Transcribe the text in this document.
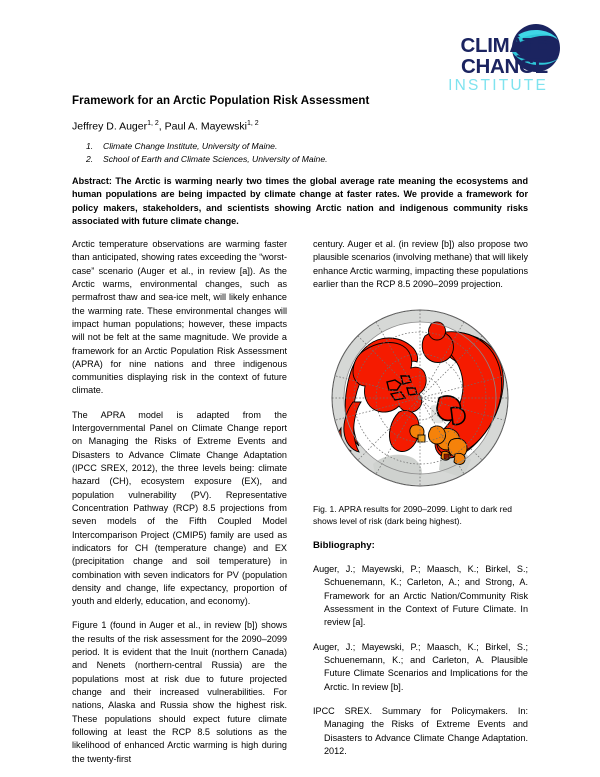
CLIMATE
CHANGE
INSTITUTE
Framework for an Arctic Population Risk Assessment
Jeffrey D. Auger$^{1, 2}$, Paul A. Mayewski$^{1, 2}$
1.	Climate Change Institute, University of Maine.
2.	School of Earth and Climate Sciences, University of Maine.
Abstract: The Arctic is warming nearly two times the global average rate meaning the ecosystems and human populations are being impacted by climate change at faster rates. We provide a framework for policy makers, stakeholders, and scientists showing Arctic nation and indigenous community risks associated with future climate change.

Arctic temperature observations are warming faster than anticipated, showing rates exceeding the “worst-case” scenario (Auger et al., in review [a]). As the Arctic warms, environmental changes, such as permafrost thaw and sea-ice melt, will likely enhance the warming rate. These environmental changes will impact human populations; however, these impacts will not be felt at the same magnitude. We provide a framework for an Arctic Population Risk Assessment (APRA) for nine nations and three indigenous communities displaying risk in the context of future climate.

The APRA model is adapted from the Intergovernmental Panel on Climate Change report on Managing the Risks of Extreme Events and Disasters to Advance Climate Change Adaptation (IPCC SREX, 2012), the three levels being: climate hazard (CH), ecosystem exposure (EX), and population vulnerability (PV). Representative Concentration Pathway (RCP) 8.5 projections from seven models of the Fifth Coupled Model Intercomparison Project (CMIP5) family are used as indicators for CH (temperature change) and EX (precipitation change and soil temperature) in combination with seven indicators for PV (population density and change, life expectancy, proportion of youth and elderly, education, and economy).

Figure 1 (found in Auger et al., in review [b]) shows the results of the risk assessment for the 2090–2099 period. It is evident that the Inuit (northern Canada) and Nenets (northern-central Russia) are the populations most at risk due to future projected change and their increased vulnerabilities. For nations, Alaska and Russia show the highest risk. These populations should expect future climate following at least the RCP 8.5 solutions as the likelihood of enhanced Arctic warming is high during the twenty-first

century. Auger et al. (in review [b]) also propose two plausible scenarios (involving methane) that will likely enhance Arctic warming, impacting these populations earlier than the RCP 8.5 2090–2099 projection.

Fig. 1. APRA results for 2090–2099. Light to dark red shows level of risk (dark being highest).

Bibliography:

Auger, J.; Mayewski, P.; Maasch, K.; Birkel, S.; Schuenemann, K.; Carleton, A.; and Strong, A. Framework for an Arctic Nation/Community Risk Assessment in the Context of Future Climate. In review [a].

Auger, J.; Mayewski, P.; Maasch, K.; Birkel, S.; Schuenemann, K.; and Carleton, A. Plausible Future Climate Scenarios and Implications for the Arctic. In review [b].

IPCC SREX. Summary for Policymakers. In: Managing the Risks of Extreme Events and Disasters to Advance Climate Change Adaptation. 2012.
